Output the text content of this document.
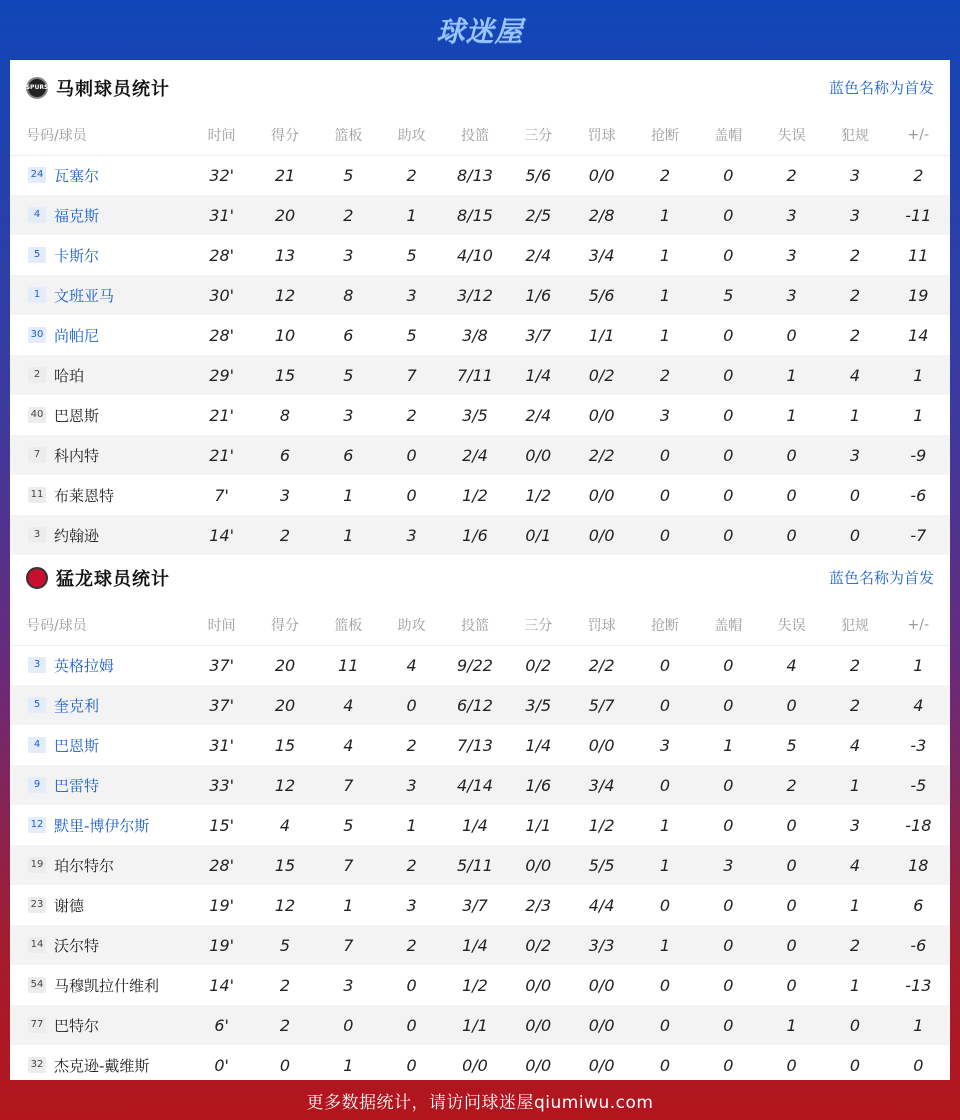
球迷屋
SPURS 马刺球员统计	蓝色名称为首发
号码/球员	时间	得分	篮板	助攻	投篮	三分	罚球	抢断	盖帽	失误	犯规	+/-
24 瓦塞尔	32'	21	5	2	8/13	5/6	0/0	2	0	2	3	2
4 福克斯	31'	20	2	1	8/15	2/5	2/8	1	0	3	3	-11
5 卡斯尔	28'	13	3	5	4/10	2/4	3/4	1	0	3	2	11
1 文班亚马	30'	12	8	3	3/12	1/6	5/6	1	5	3	2	19
30 尚帕尼	28'	10	6	5	3/8	3/7	1/1	1	0	0	2	14
2 哈珀	29'	15	5	7	7/11	1/4	0/2	2	0	1	4	1
40 巴恩斯	21'	8	3	2	3/5	2/4	0/0	3	0	1	1	1
7 科内特	21'	6	6	0	2/4	0/0	2/2	0	0	0	3	-9
11 布莱恩特	7'	3	1	0	1/2	1/2	0/0	0	0	0	0	-6
3 约翰逊	14'	2	1	3	1/6	0/1	0/0	0	0	0	0	-7
猛龙球员统计	蓝色名称为首发
号码/球员	时间	得分	篮板	助攻	投篮	三分	罚球	抢断	盖帽	失误	犯规	+/-
3 英格拉姆	37'	20	11	4	9/22	0/2	2/2	0	0	4	2	1
5 奎克利	37'	20	4	0	6/12	3/5	5/7	0	0	0	2	4
4 巴恩斯	31'	15	4	2	7/13	1/4	0/0	3	1	5	4	-3
9 巴雷特	33'	12	7	3	4/14	1/6	3/4	0	0	2	1	-5
12 默里-博伊尔斯	15'	4	5	1	1/4	1/1	1/2	1	0	0	3	-18
19 珀尔特尔	28'	15	7	2	5/11	0/0	5/5	1	3	0	4	18
23 谢德	19'	12	1	3	3/7	2/3	4/4	0	0	0	1	6
14 沃尔特	19'	5	7	2	1/4	0/2	3/3	1	0	0	2	-6
54 马穆凯拉什维利	14'	2	3	0	1/2	0/0	0/0	0	0	0	1	-13
77 巴特尔	6'	2	0	0	1/1	0/0	0/0	0	0	1	0	1
32 杰克逊-戴维斯	0'	0	1	0	0/0	0/0	0/0	0	0	0	0	0
更多数据统计，请访问球迷屋qiumiwu.com
